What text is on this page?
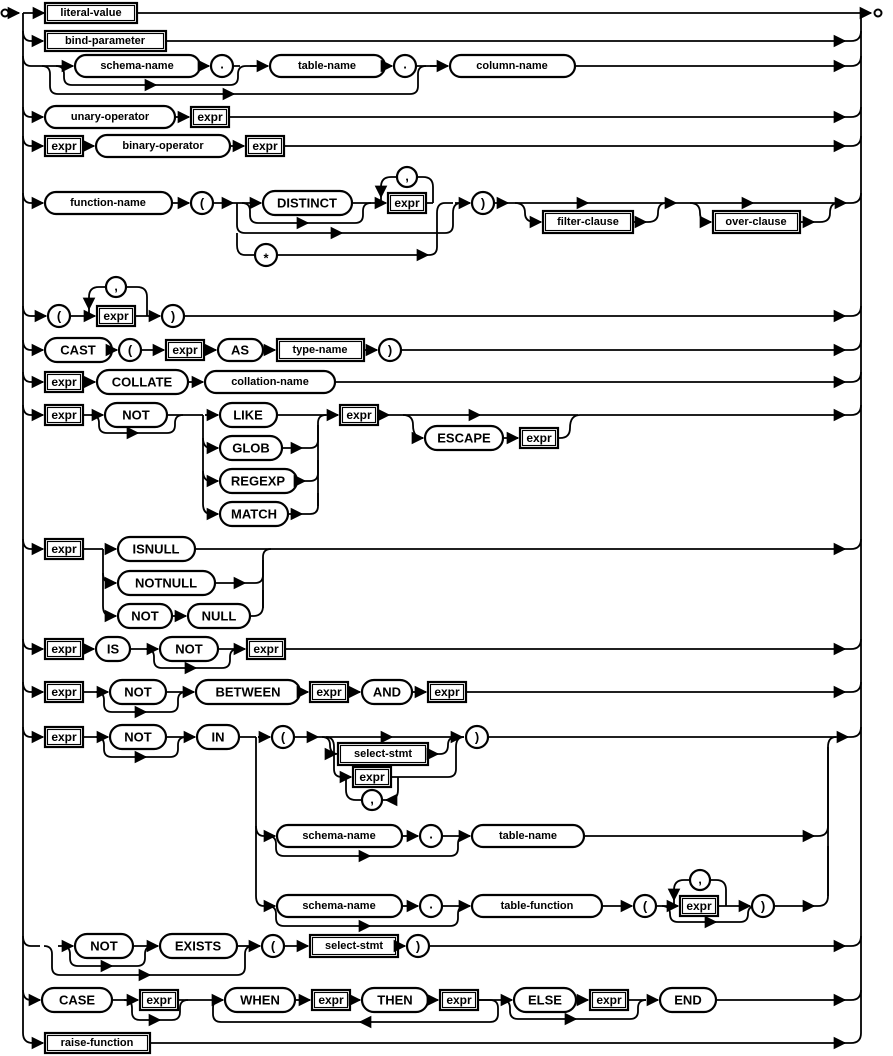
literal-value
bind-parameter
schema-name	.	table-name	.	column-name
unary-operator	expr
expr	binary-operator	expr
function-name	(	DISTINCT	expr
,
*
)
filter-clause	over-clause
(	expr
,
)
CAST (	expr	AS	type-name	)
expr	COLLATE	collation-name
expr	NOT	LIKE
GLOB
REGEXP
MATCH
expr
ESCAPE	expr
expr	ISNULL
NOTNULL
NOT	NULL
expr IS	NOT	expr
expr	NOT	BETWEEN	expr AND	expr
expr	NOT	IN	(
select-stmt
expr
,
)
schema-name	.	table-name
schema-name	.	table-function	(	expr
,
)
NOT	EXISTS	(	select-stmt	)
CASE	expr	WHEN	expr	THEN	expr	ELSE	expr	END
raise-function
